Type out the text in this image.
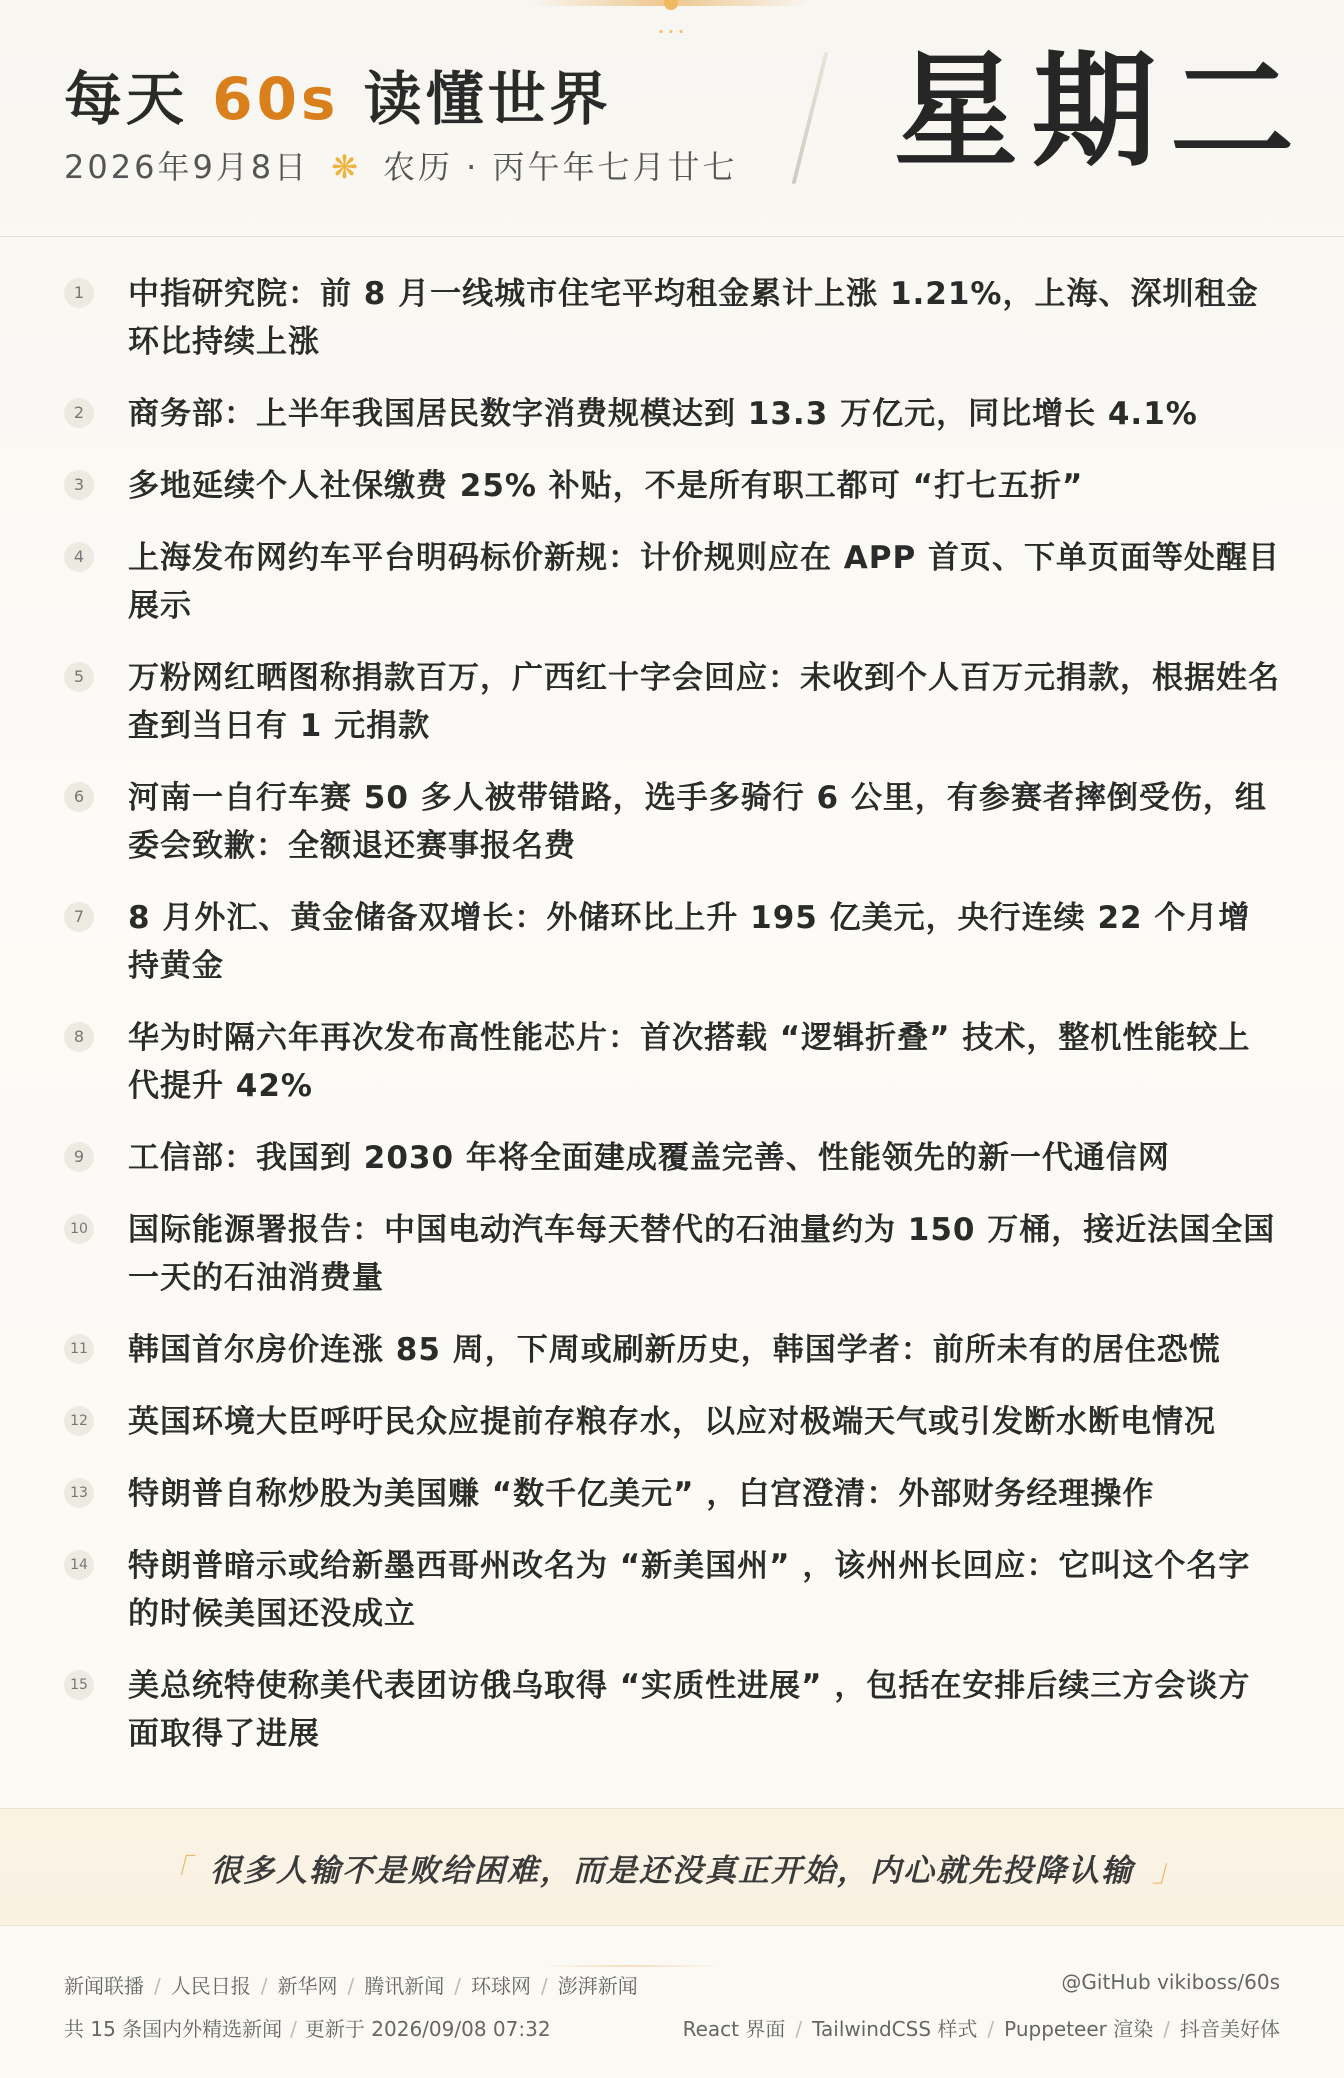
每天 60s 读懂世界
2026年9月8日 ❋ 农历 · 丙午年七月廿七 星期二
1	中指研究院：前 8 月一线城市住宅平均租金累计上涨 1.21%，上海、深圳租金环比持续上涨
2	商务部：上半年我国居民数字消费规模达到 13.3 万亿元，同比增长 4.1%
3	多地延续个人社保缴费 25% 补贴，不是所有职工都可 “打七五折”
4	上海发布网约车平台明码标价新规：计价规则应在 APP 首页、下单页面等处醒目展示
5	万粉网红晒图称捐款百万，广西红十字会回应：未收到个人百万元捐款，根据姓名查到当日有 1 元捐款
6	河南一自行车赛 50 多人被带错路，选手多骑行 6 公里，有参赛者摔倒受伤，组委会致歉：全额退还赛事报名费
7	8 月外汇、黄金储备双增长：外储环比上升 195 亿美元，央行连续 22 个月增持黄金
8	华为时隔六年再次发布高性能芯片：首次搭载 “逻辑折叠” 技术，整机性能较上代提升 42%
9	工信部：我国到 2030 年将全面建成覆盖完善、性能领先的新一代通信网
10 国际能源署报告：中国电动汽车每天替代的石油量约为 150 万桶，接近法国全国一天的石油消费量
11 韩国首尔房价连涨 85 周，下周或刷新历史，韩国学者：前所未有的居住恐慌
12 英国环境大臣呼吁民众应提前存粮存水，以应对极端天气或引发断水断电情况
13 特朗普自称炒股为美国赚 “数千亿美元” ，白宫澄清：外部财务经理操作
14 特朗普暗示或给新墨西哥州改名为 “新美国州” ，该州州长回应：它叫这个名字的时候美国还没成立
15 美总统特使称美代表团访俄乌取得 “实质性进展” ，包括在安排后续三方会谈方面取得了进展
「 很多人输不是败给困难，而是还没真正开始，内心就先投降认输 」
新闻联播 / 人民日报 / 新华网 / 腾讯新闻 / 环球网 / 澎湃新闻
共 15 条国内外精选新闻 / 更新于 2026/09/08 07:32
@GitHub vikiboss/60s
React 界面 / TailwindCSS 样式 / Puppeteer 渲染 / 抖音美好体
